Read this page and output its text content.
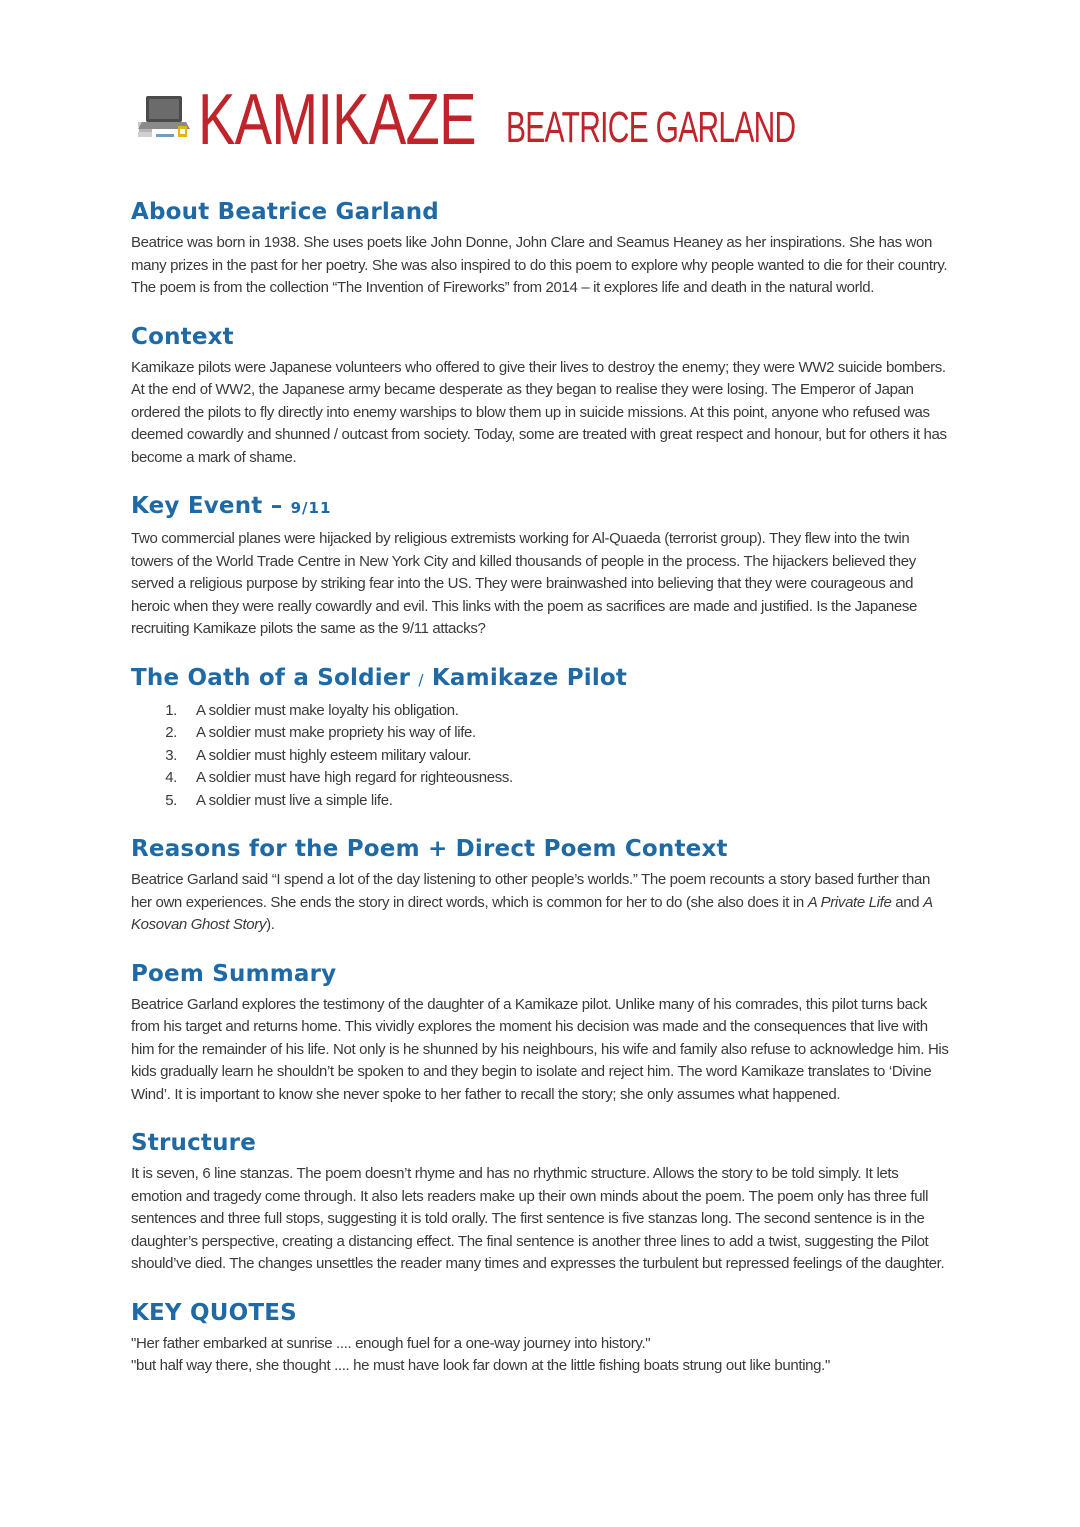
KAMIKAZE BEATRICE GARLAND
About Beatrice Garland

Beatrice was born in 1938. She uses poets like John Donne, John Clare and Seamus Heaney as her inspirations. She has won many prizes in the past for her poetry. She was also inspired to do this poem to explore why people wanted to die for their country. The poem is from the collection “The Invention of Fireworks” from 2014 – it explores life and death in the natural world.

Context

Kamikaze pilots were Japanese volunteers who offered to give their lives to destroy the enemy; they were WW2 suicide bombers. At the end of WW2, the Japanese army became desperate as they began to realise they were losing. The Emperor of Japan ordered the pilots to fly directly into enemy warships to blow them up in suicide missions. At this point, anyone who refused was deemed cowardly and shunned / outcast from society. Today, some are treated with great respect and honour, but for others it has become a mark of shame.

Key Event – 9/11

Two commercial planes were hijacked by religious extremists working for Al-Quaeda (terrorist group). They flew into the twin towers of the World Trade Centre in New York City and killed thousands of people in the process. The hijackers believed they served a religious purpose by striking fear into the US. They were brainwashed into believing that they were courageous and heroic when they were really cowardly and evil. This links with the poem as sacrifices are made and justified. Is the Japanese recruiting Kamikaze pilots the same as the 9/11 attacks?

The Oath of a Soldier / Kamikaze Pilot
1.	A soldier must make loyalty his obligation.
2.	A soldier must make propriety his way of life.
3.	A soldier must highly esteem military valour.
4.	A soldier must have high regard for righteousness.
5.	A soldier must live a simple life.
Reasons for the Poem + Direct Poem Context

Beatrice Garland said “I spend a lot of the day listening to other people’s worlds.” The poem recounts a story based further than her own experiences. She ends the story in direct words, which is common for her to do (she also does it in A Private Life and A Kosovan Ghost Story).

Poem Summary

Beatrice Garland explores the testimony of the daughter of a Kamikaze pilot. Unlike many of his comrades, this pilot turns back from his target and returns home. This vividly explores the moment his decision was made and the consequences that live with him for the remainder of his life. Not only is he shunned by his neighbours, his wife and family also refuse to acknowledge him. His kids gradually learn he shouldn’t be spoken to and they begin to isolate and reject him. The word Kamikaze translates to ‘Divine Wind’. It is important to know she never spoke to her father to recall the story; she only assumes what happened.

Structure

It is seven, 6 line stanzas. The poem doesn’t rhyme and has no rhythmic structure. Allows the story to be told simply. It lets emotion and tragedy come through. It also lets readers make up their own minds about the poem. The poem only has three full sentences and three full stops, suggesting it is told orally. The first sentence is five stanzas long. The second sentence is in the daughter’s perspective, creating a distancing effect. The final sentence is another three lines to add a twist, suggesting the Pilot should’ve died. The changes unsettles the reader many times and expresses the turbulent but repressed feelings of the daughter.

KEY QUOTES

"Her father embarked at sunrise .... enough fuel for a one-way journey into history."
"but half way there, she thought .... he must have look far down at the little fishing boats strung out like bunting."
